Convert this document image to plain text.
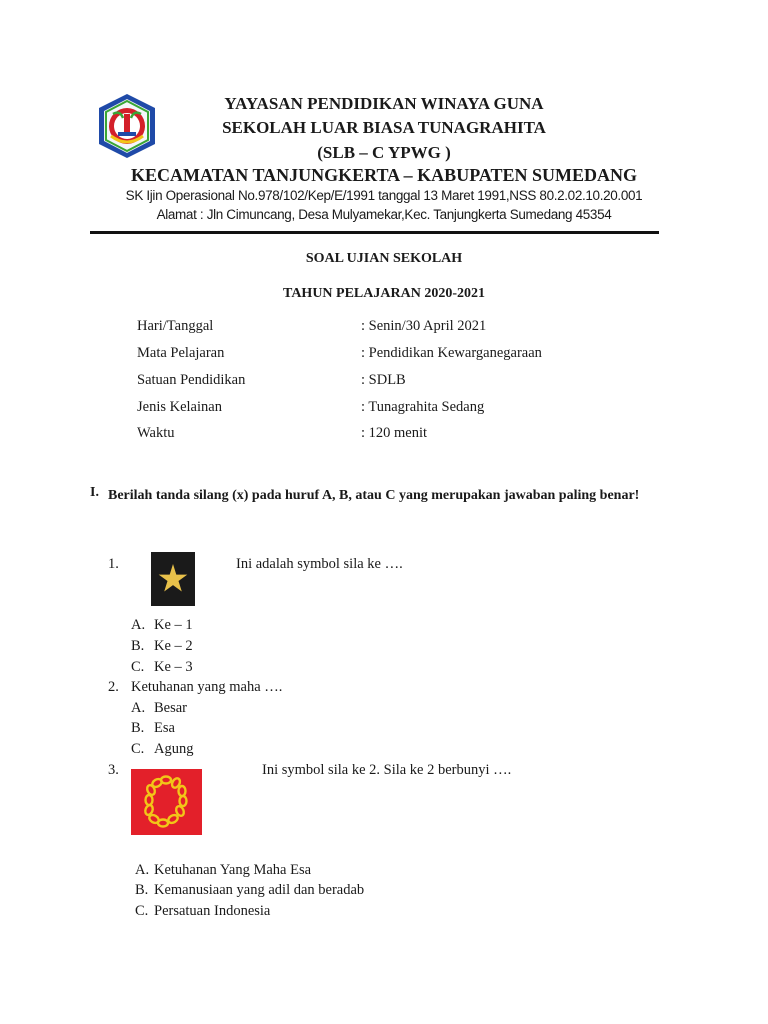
YAYASAN PENDIDIKAN WINAYA GUNA
SEKOLAH LUAR BIASA TUNAGRAHITA
(SLB – C YPWG )
KECAMATAN TANJUNGKERTA – KABUPATEN SUMEDANG
SK Ijin Operasional No.978/102/Kep/E/1991 tanggal 13 Maret 1991,NSS 80.2.02.10.20.001
Alamat : Jln Cimuncang, Desa Mulyamekar,Kec. Tanjungkerta Sumedang 45354
SOAL UJIAN SEKOLAH
TAHUN PELAJARAN 2020-2021
Hari/Tanggal	: Senin/30 April 2021
Mata Pelajaran	: Pendidikan Kewarganegaraan
Satuan Pendidikan	: SDLB
Jenis Kelainan	: Tunagrahita Sedang
Waktu	: 120 menit
I. Berilah tanda silang (x) pada huruf A, B, atau C yang merupakan jawaban paling benar!
1.	Ini adalah symbol sila ke ….
A. Ke – 1
B. Ke – 2
C. Ke – 3
2. Ketuhanan yang maha ….
A. Besar
B. Esa
C. Agung
3.	Ini symbol sila ke 2. Sila ke 2 berbunyi ….
A. Ketuhanan Yang Maha Esa
B. Kemanusiaan yang adil dan beradab
C. Persatuan Indonesia
